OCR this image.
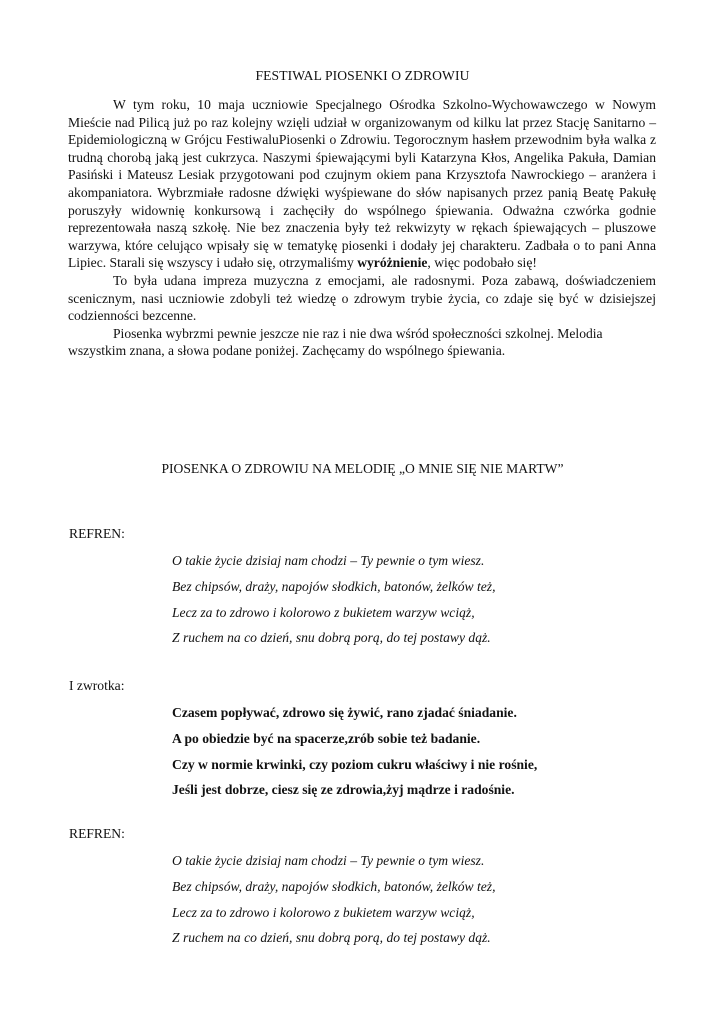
FESTIWAL PIOSENKI O ZDROWIU

W tym roku, 10 maja uczniowie Specjalnego Ośrodka Szkolno-Wychowawczego w Nowym Mieście nad Pilicą już po raz kolejny wzięli udział w organizowanym od kilku lat przez Stację Sanitarno – Epidemiologiczną w Grójcu FestiwaluPiosenki o Zdrowiu. Tegorocznym hasłem przewodnim była walka z trudną chorobą jaką jest cukrzyca. Naszymi śpiewającymi byli Katarzyna Kłos, Angelika Pakuła, Damian Pasiński i Mateusz Lesiak przygotowani pod czujnym okiem pana Krzysztofa Nawrockiego – aranżera i akompaniatora. Wybrzmiałe radosne dźwięki wyśpiewane do słów napisanych przez panią Beatę Pakułę poruszyły widownię konkursową i zachęciły do wspólnego śpiewania. Odważna czwórka godnie reprezentowała naszą szkołę. Nie bez znaczenia były też rekwizyty w rękach śpiewających – pluszowe warzywa, które celująco wpisały się w tematykę piosenki i dodały jej charakteru. Zadbała o to pani Anna Lipiec. Starali się wszyscy i udało się, otrzymaliśmy wyróżnienie, więc podobało się!

To była udana impreza muzyczna z emocjami, ale radosnymi. Poza zabawą, doświadczeniem scenicznym, nasi uczniowie zdobyli też wiedzę o zdrowym trybie życia, co zdaje się być w dzisiejszej codzienności bezcenne.

Piosenka wybrzmi pewnie jeszcze nie raz i nie dwa wśród społeczności szkolnej. Melodia wszystkim znana, a słowa podane poniżej. Zachęcamy do wspólnego śpiewania.

PIOSENKA O ZDROWIU NA MELODIĘ „O MNIE SIĘ NIE MARTW”
REFREN:
O takie życie dzisiaj nam chodzi – Ty pewnie o tym wiesz.
Bez chipsów, draży, napojów słodkich, batonów, żelków też,
Lecz za to zdrowo i kolorowo z bukietem warzyw wciąż,
Z ruchem na co dzień, snu dobrą porą, do tej postawy dąż.
I zwrotka:
Czasem popływać, zdrowo się żywić, rano zjadać śniadanie.
A po obiedzie być na spacerze,zrób sobie też badanie.
Czy w normie krwinki, czy poziom cukru właściwy i nie rośnie,
Jeśli jest dobrze, ciesz się ze zdrowia,żyj mądrze i radośnie.
REFREN:
O takie życie dzisiaj nam chodzi – Ty pewnie o tym wiesz.
Bez chipsów, draży, napojów słodkich, batonów, żelków też,
Lecz za to zdrowo i kolorowo z bukietem warzyw wciąż,
Z ruchem na co dzień, snu dobrą porą, do tej postawy dąż.
